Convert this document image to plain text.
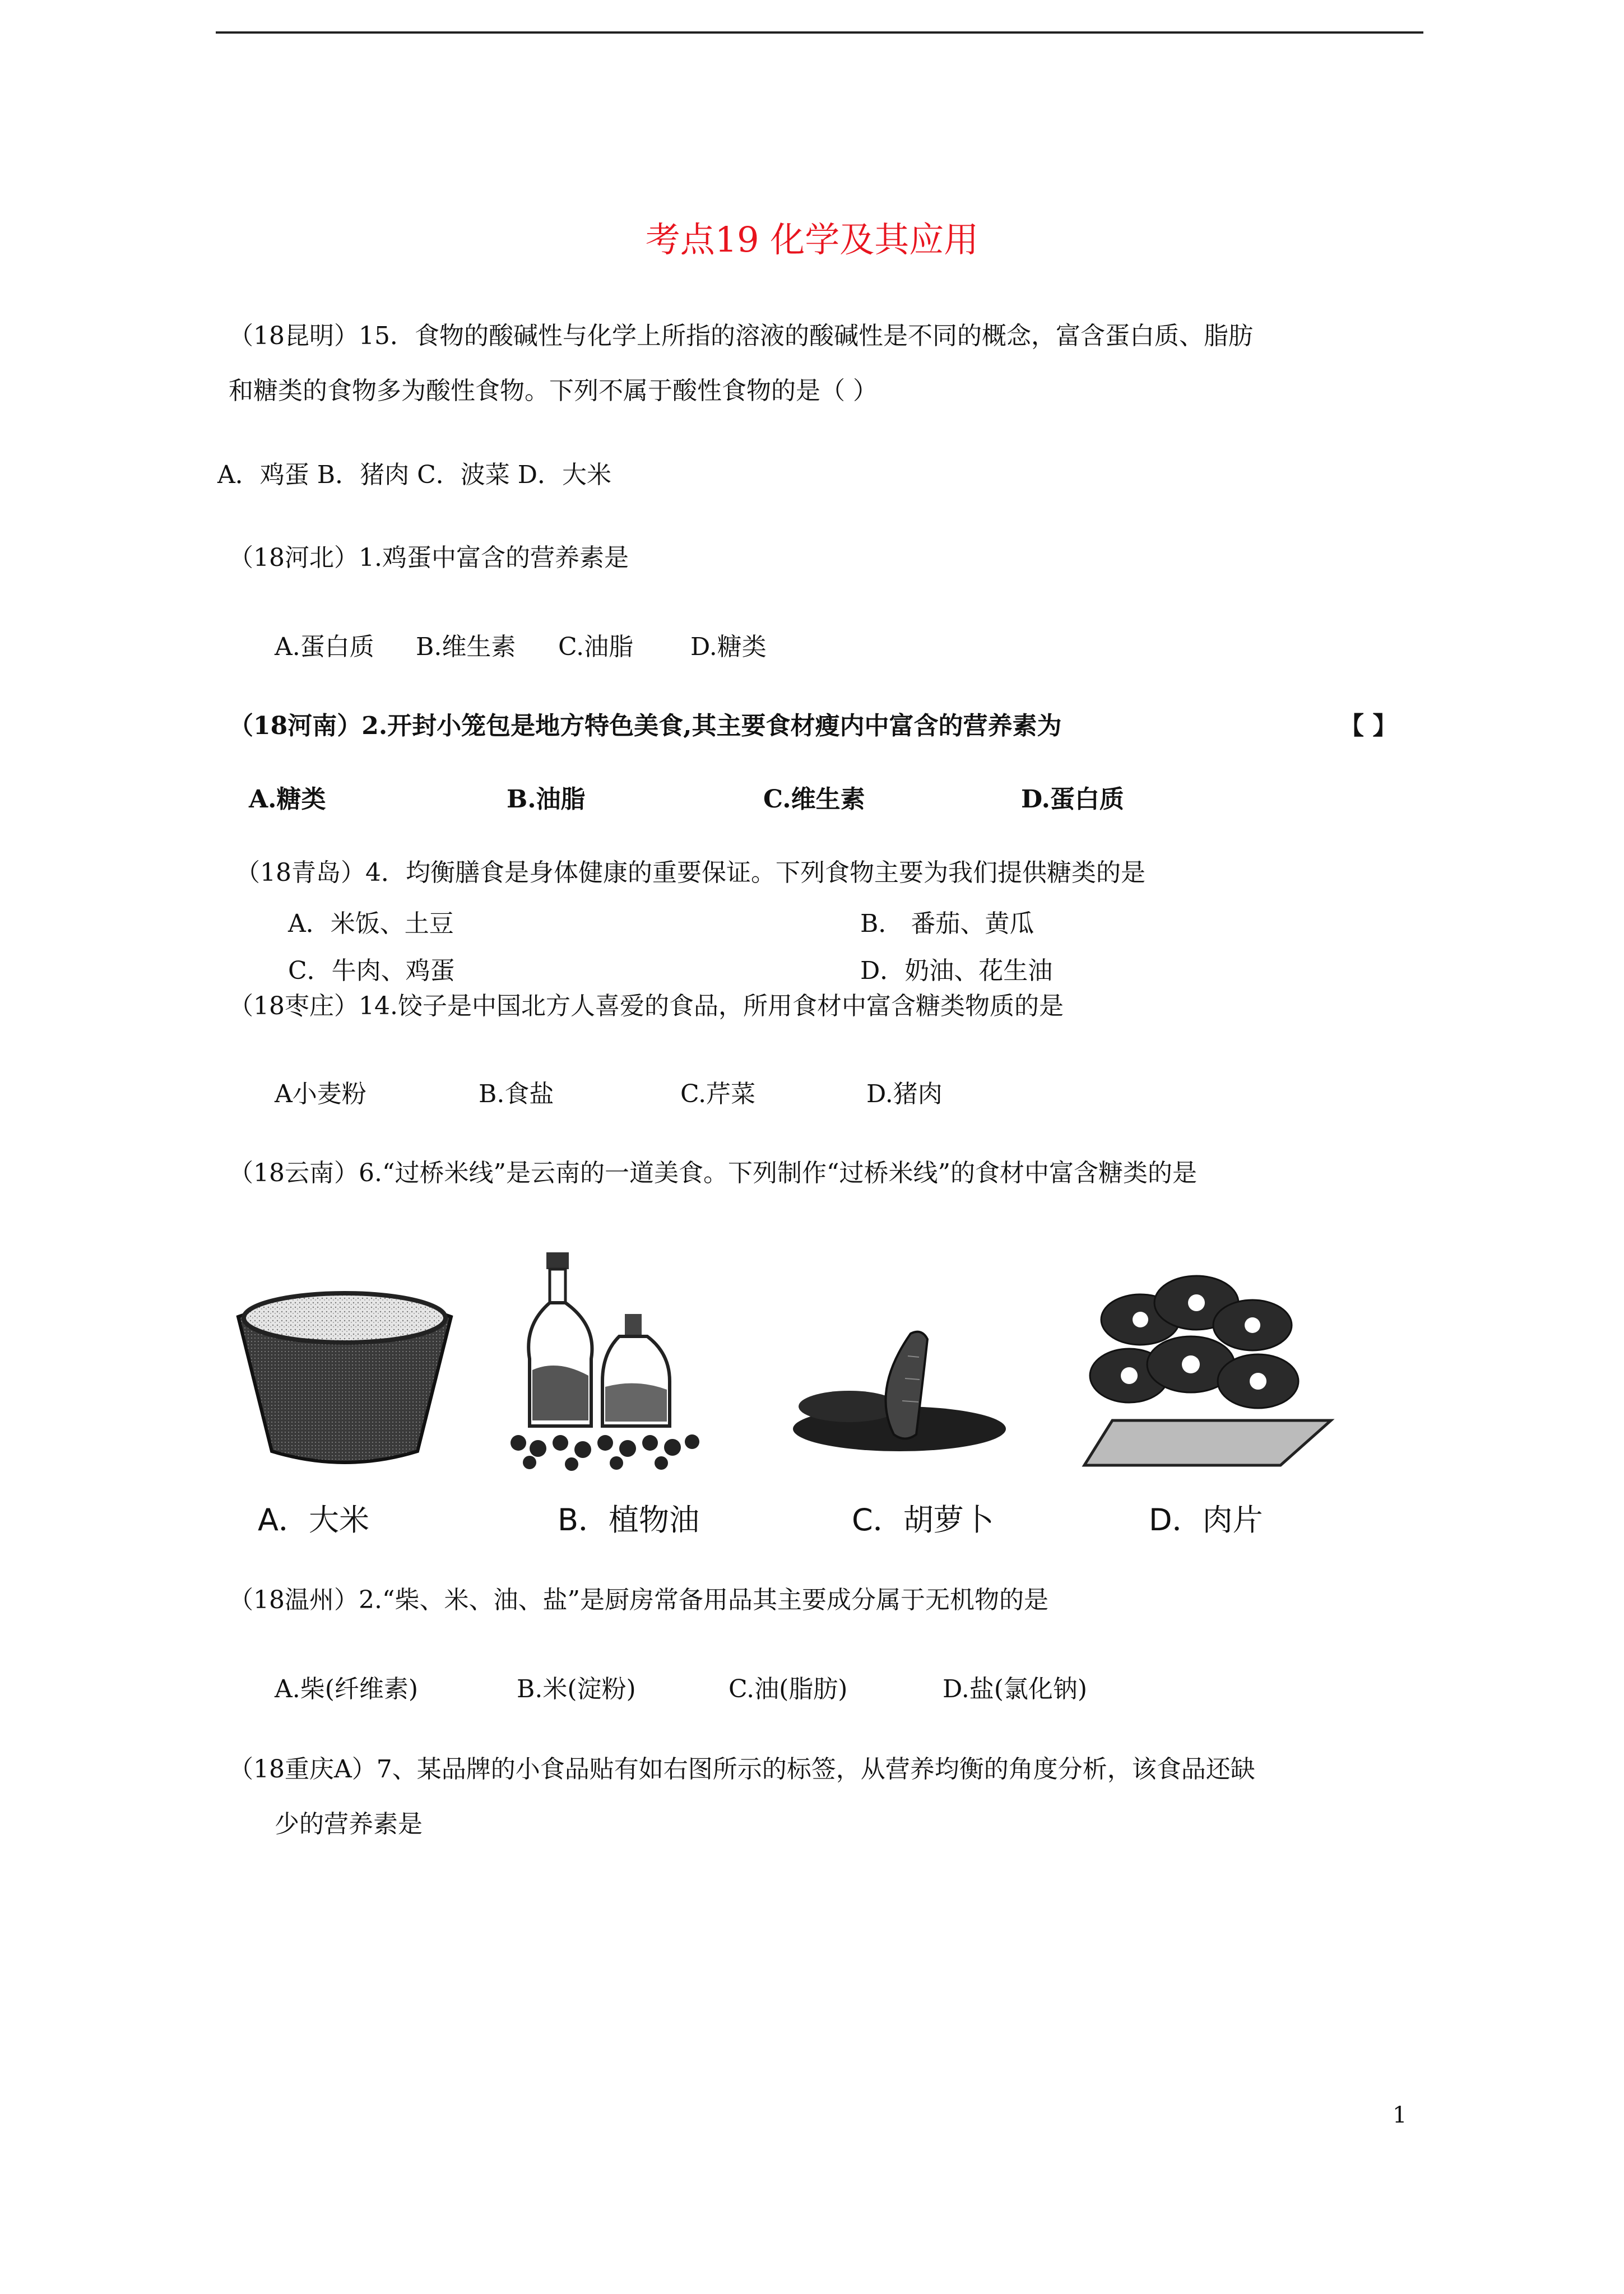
考点19 化学及其应用
（18昆明）15．食物的酸碱性与化学上所指的溶液的酸碱性是不同的概念，富含蛋白质、脂肪
和糖类的食物多为酸性食物。下列不属于酸性食物的是（ ）
A．鸡蛋 B．猪肉 C．波菜 D．大米
（18河北）1.鸡蛋中富含的营养素是
A.蛋白质 B.维生素 C.油脂 D.糖类
（18河南）2.开封小笼包是地方特色美食,其主要食材瘦内中富含的营养素为	【 】
A.糖类	B.油脂	C.维生素	D.蛋白质
（18青岛）4．均衡膳食是身体健康的重要保证。下列食物主要为我们提供糖类的是
A．米饭、土豆	B． 番茄、黄瓜
C．牛肉、鸡蛋	D．奶油、花生油
（18枣庄）14.饺子是中国北方人喜爱的食品，所用食材中富含糖类物质的是
A小麦粉	B.食盐	C.芹菜	D.猪肉
（18云南）6.“过桥米线”是云南的一道美食。下列制作“过桥米线”的食材中富含糖类的是
A．大米	B．植物油	C．胡萝卜	D．肉片
（18温州）2.“柴、米、油、盐”是厨房常备用品其主要成分属于无机物的是
A.柴(纤维素)	B.米(淀粉)	C.油(脂肪)	D.盐(氯化钠)
（18重庆A）7、某品牌的小食品贴有如右图所示的标签，从营养均衡的角度分析，该食品还缺
少的营养素是
1
